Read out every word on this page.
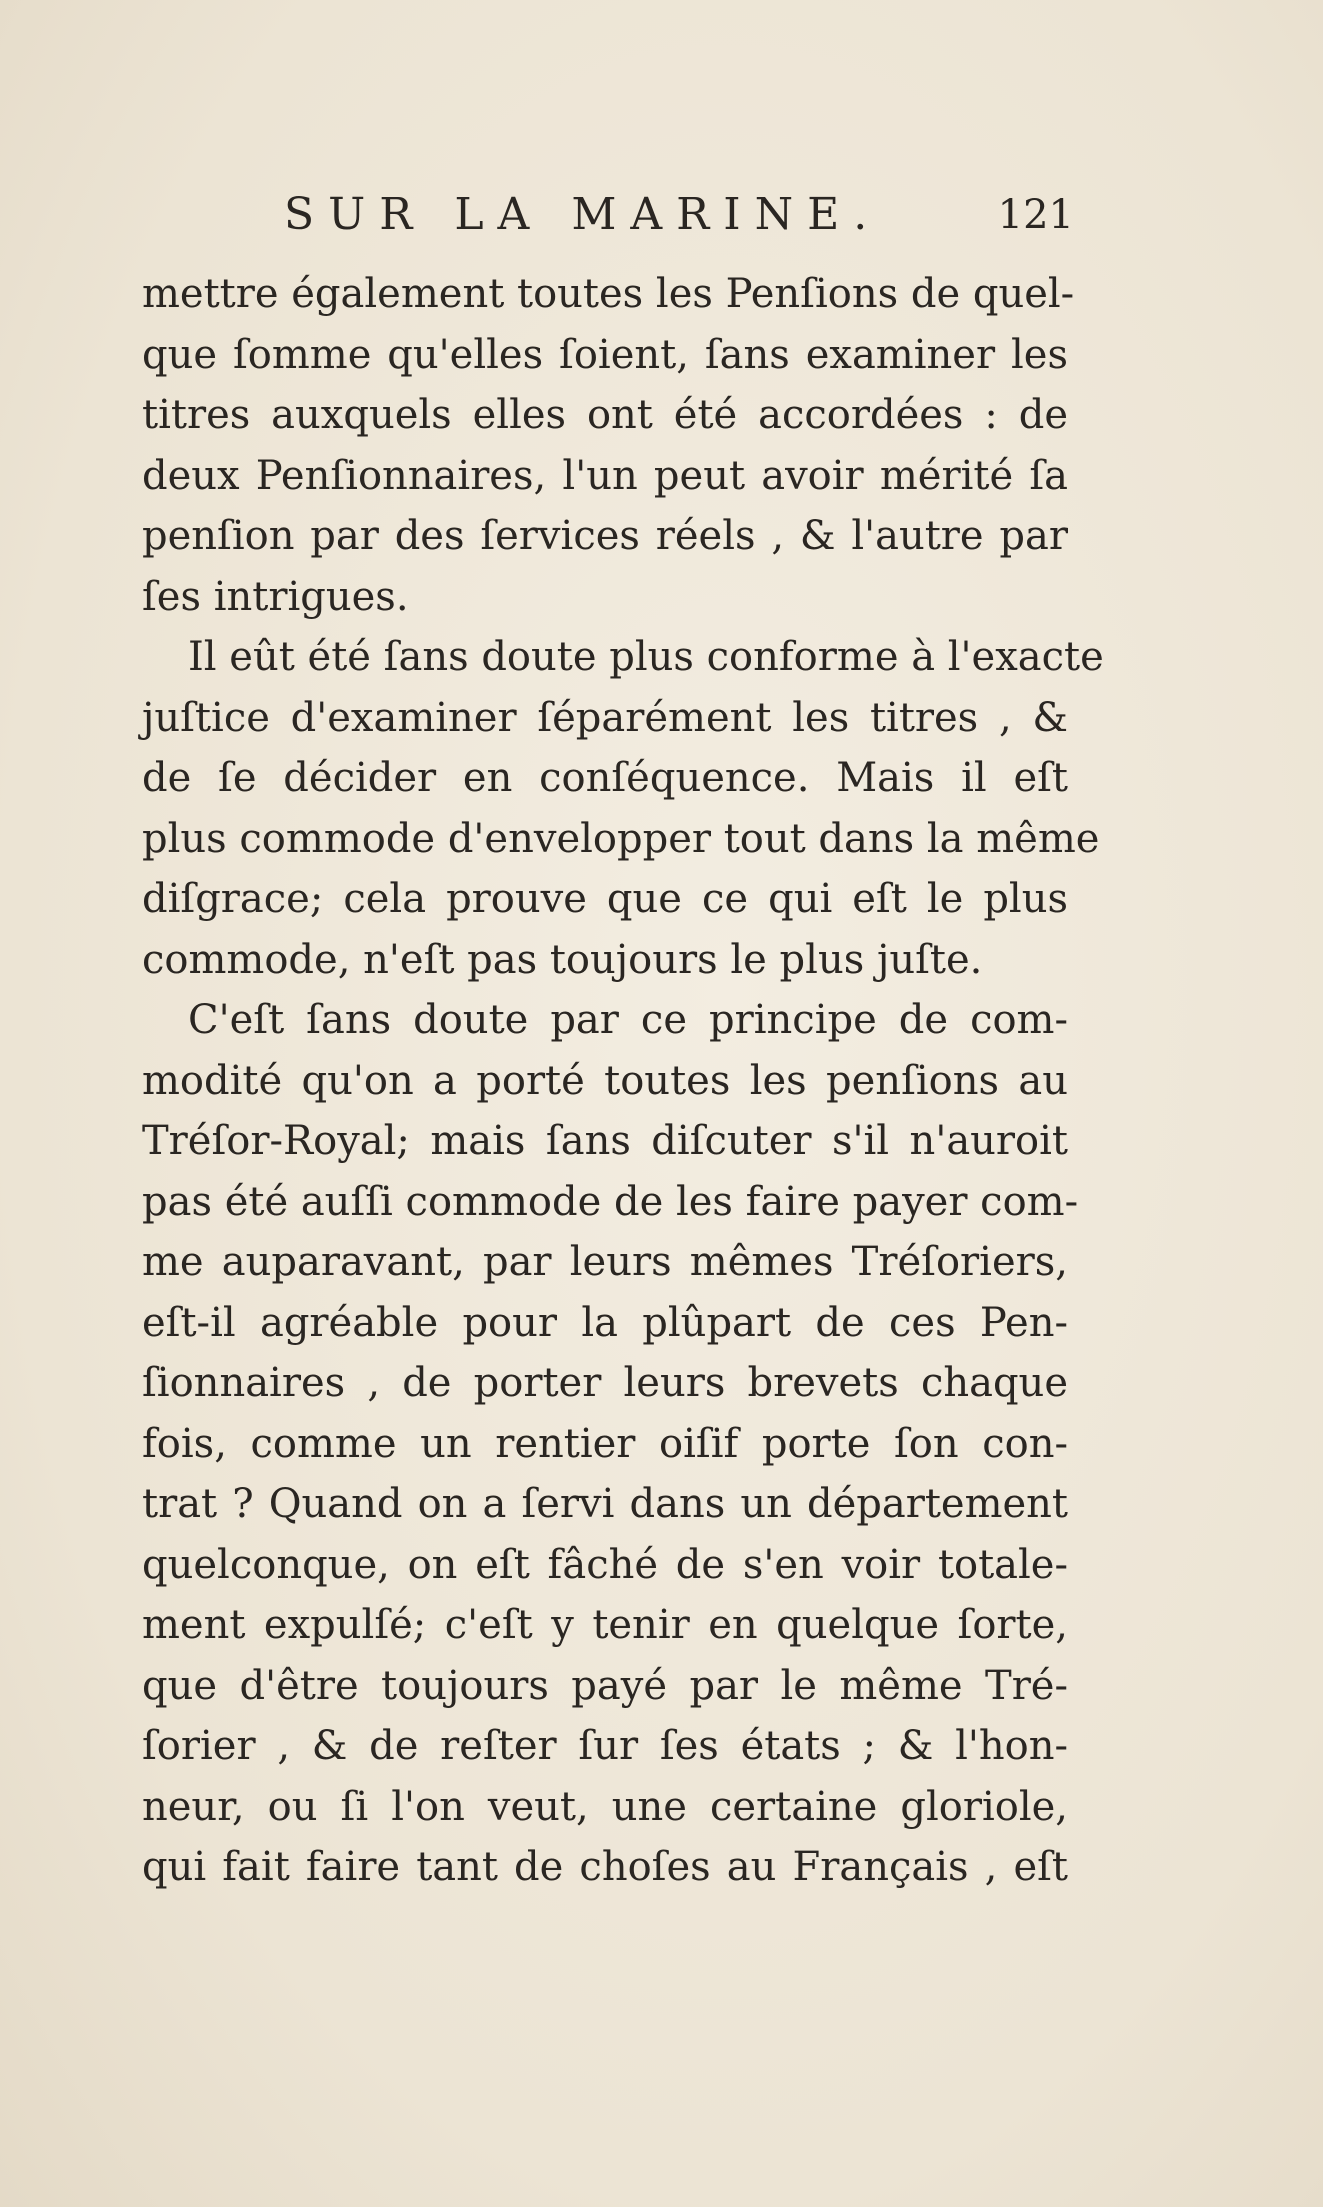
SUR LA MARINE.	121
mettre également toutes les Penſions de quel-
que ſomme qu'elles ſoient, ſans examiner les
titres auxquels elles ont été accordées : de
deux Penſionnaires, l'un peut avoir mérité ſa
penſion par des ſervices réels , & l'autre par
ſes intrigues.
Il eût été ſans doute plus conforme à l'exacte
juſtice d'examiner ſéparément les titres , &
de ſe décider en conſéquence. Mais il eſt
plus commode d'envelopper tout dans la même
diſgrace; cela prouve que ce qui eſt le plus
commode, n'eſt pas toujours le plus juſte.
C'eſt ſans doute par ce principe de com-
modité qu'on a porté toutes les penſions au
Tréſor-Royal; mais ſans diſcuter s'il n'auroit
pas été auſſi commode de les faire payer com-
me auparavant, par leurs mêmes Tréſoriers,
eſt-il agréable pour la plûpart de ces Pen-
ſionnaires , de porter leurs brevets chaque
fois, comme un rentier oiſif porte ſon con-
trat ? Quand on a ſervi dans un département
quelconque, on eſt fâché de s'en voir totale-
ment expulſé; c'eſt y tenir en quelque ſorte,
que d'être toujours payé par le même Tré-
ſorier , & de reſter ſur ſes états ; & l'hon-
neur, ou ſi l'on veut, une certaine gloriole,
qui fait faire tant de choſes au Français , eſt
